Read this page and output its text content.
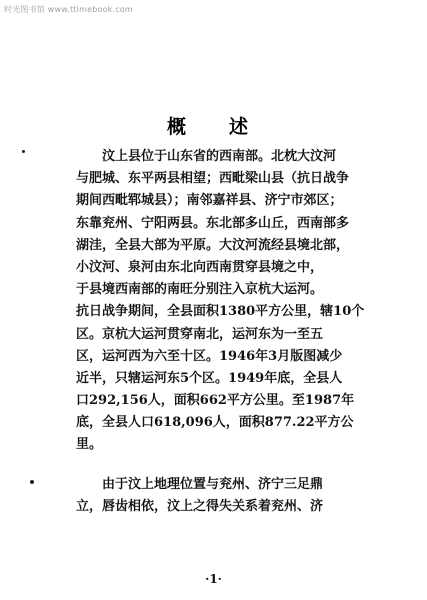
时光图书馆 www.ttimebook.com
概　述
汶上县位于山东省的西南部。北枕大汶河
与肥城、东平两县相望；西毗梁山县（抗日战争
期间西毗郓城县）；南邻嘉祥县、济宁市郊区；
东靠兖州、宁阳两县。东北部多山丘，西南部多
湖洼，全县大部为平原。大汶河流经县境北部，
小汶河、泉河由东北向西南贯穿县境之中，
于县境西南部的南旺分别注入京杭大运河。
抗日战争期间，全县面积1380平方公里，辖10个
区。京杭大运河贯穿南北，运河东为一至五
区，运河西为六至十区。1946年3月版图减少
近半，只辖运河东5个区。1949年底，全县人
口292,156人，面积662平方公里。至1987年
底，全县人口618,096人，面积877.22平方公
里。
由于汶上地理位置与兖州、济宁三足鼎
立，唇齿相依，汶上之得失关系着兖州、济
·1·
